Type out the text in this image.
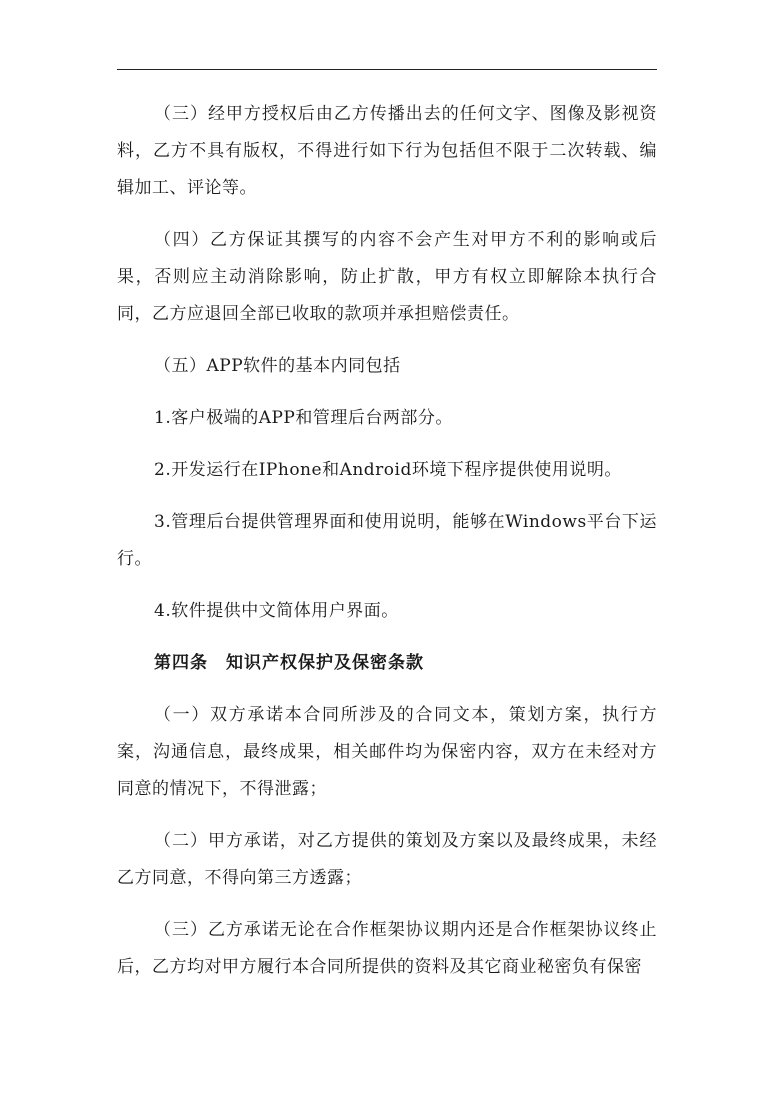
（三）经甲方授权后由乙方传播出去的任何文字、图像及影视资料，乙方不具有版权，不得进行如下行为包括但不限于二次转载、编辑加工、评论等。

（四）乙方保证其撰写的内容不会产生对甲方不利的影响或后果，否则应主动消除影响，防止扩散，甲方有权立即解除本执行合同，乙方应退回全部已收取的款项并承担赔偿责任。

（五）APP软件的基本内同包括

1.客户极端的APP和管理后台两部分。

2.开发运行在IPhone和Android环境下程序提供使用说明。

3.管理后台提供管理界面和使用说明，能够在Windows平台下运行。

4.软件提供中文简体用户界面。

第四条　知识产权保护及保密条款

（一）双方承诺本合同所涉及的合同文本，策划方案，执行方案，沟通信息，最终成果，相关邮件均为保密内容，双方在未经对方同意的情况下，不得泄露；

（二）甲方承诺，对乙方提供的策划及方案以及最终成果，未经乙方同意，不得向第三方透露；

（三）乙方承诺无论在合作框架协议期内还是合作框架协议终止后，乙方均对甲方履行本合同所提供的资料及其它商业秘密负有保密
